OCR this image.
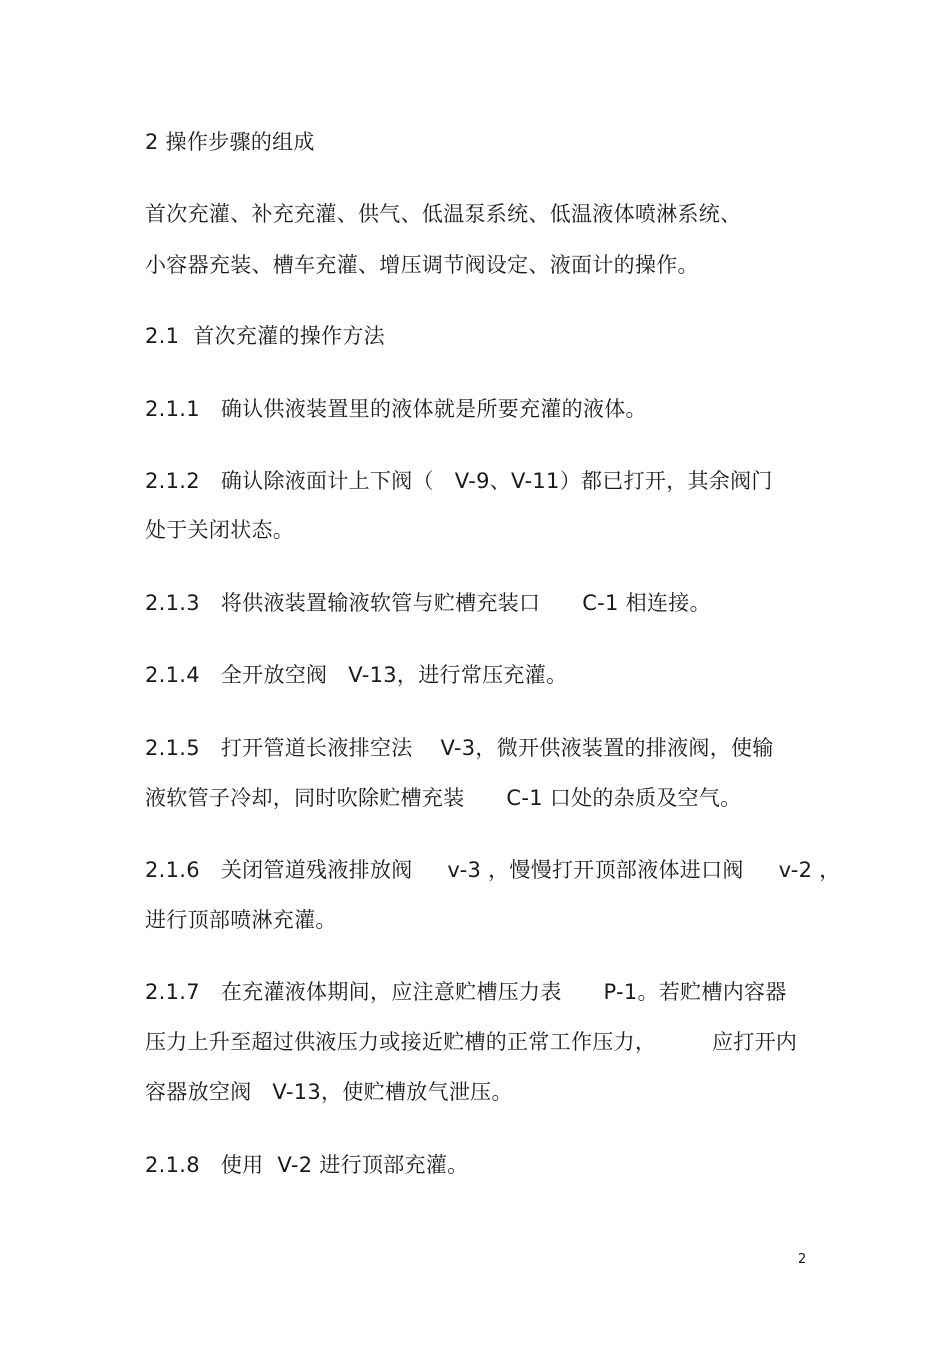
2 操作步骤的组成
首次充灌、补充充灌、供气、低温泵系统、低温液体喷淋系统、
小容器充装、槽车充灌、增压调节阀设定、液面计的操作。
2.1  首次充灌的操作方法
2.1.1   确认供液装置里的液体就是所要充灌的液体。
2.1.2   确认除液面计上下阀（   V-9、V-11）都已打开，其余阀门
处于关闭状态。
2.1.3   将供液装置输液软管与贮槽充装口      C-1 相连接。
2.1.4   全开放空阀   V-13，进行常压充灌。
2.1.5   打开管道长液排空法    V-3，微开供液装置的排液阀，使输
液软管子冷却，同时吹除贮槽充装      C-1 口处的杂质及空气。
2.1.6   关闭管道残液排放阀     v-3 ，慢慢打开顶部液体进口阀     v-2 ，
进行顶部喷淋充灌。
2.1.7   在充灌液体期间，应注意贮槽压力表      P-1。若贮槽内容器
压力上升至超过供液压力或接近贮槽的正常工作压力，        应打开内
容器放空阀   V-13，使贮槽放气泄压。
2.1.8   使用  V-2 进行顶部充灌。
2
